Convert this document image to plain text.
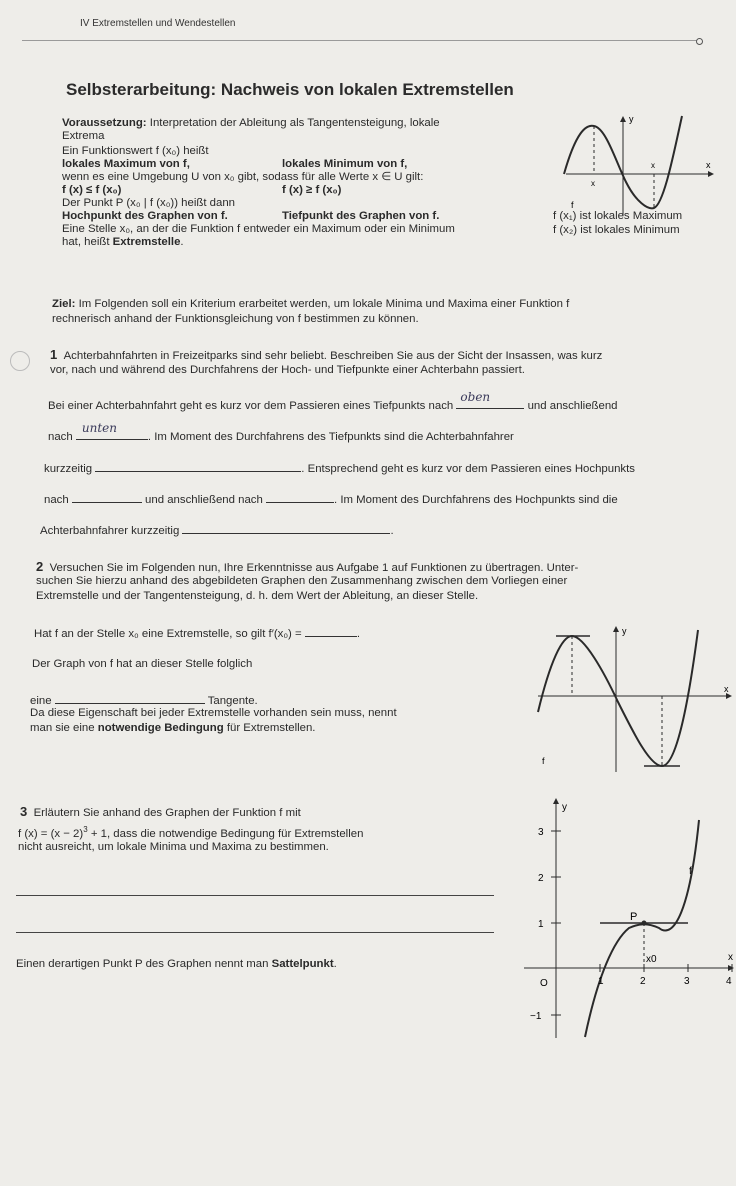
IV Extremstellen und Wendestellen
Selbsterarbeitung: Nachweis von lokalen Extremstellen
Voraussetzung: Interpretation der Ableitung als Tangentensteigung, lokale
Extrema
Ein Funktionswert f (x₀) heißt
lokales Maximum von f,	lokales Minimum von f,
wenn es eine Umgebung U von x₀ gibt, sodass für alle Werte x ∈ U gilt:
f (x) ≤ f (x₀)	f (x) ≥ f (x₀)
Der Punkt P (x₀ | f (x₀)) heißt dann
Hochpunkt des Graphen von f.	Tiefpunkt des Graphen von f.
Eine Stelle x₀, an der die Funktion f entweder ein Maximum oder ein Minimum
hat, heißt Extremstelle.
f (x₁) ist lokales Maximum
f (x₂) ist lokales Minimum
y
x
x
x
f
Ziel: Im Folgenden soll ein Kriterium erarbeitet werden, um lokale Minima und Maxima einer Funktion f
rechnerisch anhand der Funktionsgleichung von f bestimmen zu können.
1 Achterbahnfahrten in Freizeitparks sind sehr beliebt. Beschreiben Sie aus der Sicht der Insassen, was kurz
vor, nach und während des Durchfahrens der Hoch- und Tiefpunkte einer Achterbahn passiert.
Bei einer Achterbahnfahrt geht es kurz vor dem Passieren eines Tiefpunkts nach
oben
und anschließend
nach
unten
. Im Moment des Durchfahrens des Tiefpunkts sind die Achterbahnfahrer
kurzzeitig	. Entsprechend geht es kurz vor dem Passieren eines Hochpunkts
nach	und anschließend nach	. Im Moment des Durchfahrens des Hochpunkts sind die
Achterbahnfahrer kurzzeitig	.
2 Versuchen Sie im Folgenden nun, Ihre Erkenntnisse aus Aufgabe 1 auf Funktionen zu übertragen. Unter-
suchen Sie hierzu anhand des abgebildeten Graphen den Zusammenhang zwischen dem Vorliegen einer
Extremstelle und der Tangentensteigung, d. h. dem Wert der Ableitung, an dieser Stelle.
Hat f an der Stelle x₀ eine Extremstelle, so gilt f′(x₀) =	.
Der Graph von f hat an dieser Stelle folglich
eine	Tangente.
Da diese Eigenschaft bei jeder Extremstelle vorhanden sein muss, nennt
man sie eine notwendige Bedingung für Extremstellen.
y
x
f
3 Erläutern Sie anhand des Graphen der Funktion f mit
f $(x) = (x - 2)^3 + 1$, dass die notwendige Bedingung für Extremstellen
nicht ausreicht, um lokale Minima und Maxima zu bestimmen.
Einen derartigen Punkt P des Graphen nennt man Sattelpunkt.
y
x
f
P
x0
O	1	2	3	4
3
2
1
−1
